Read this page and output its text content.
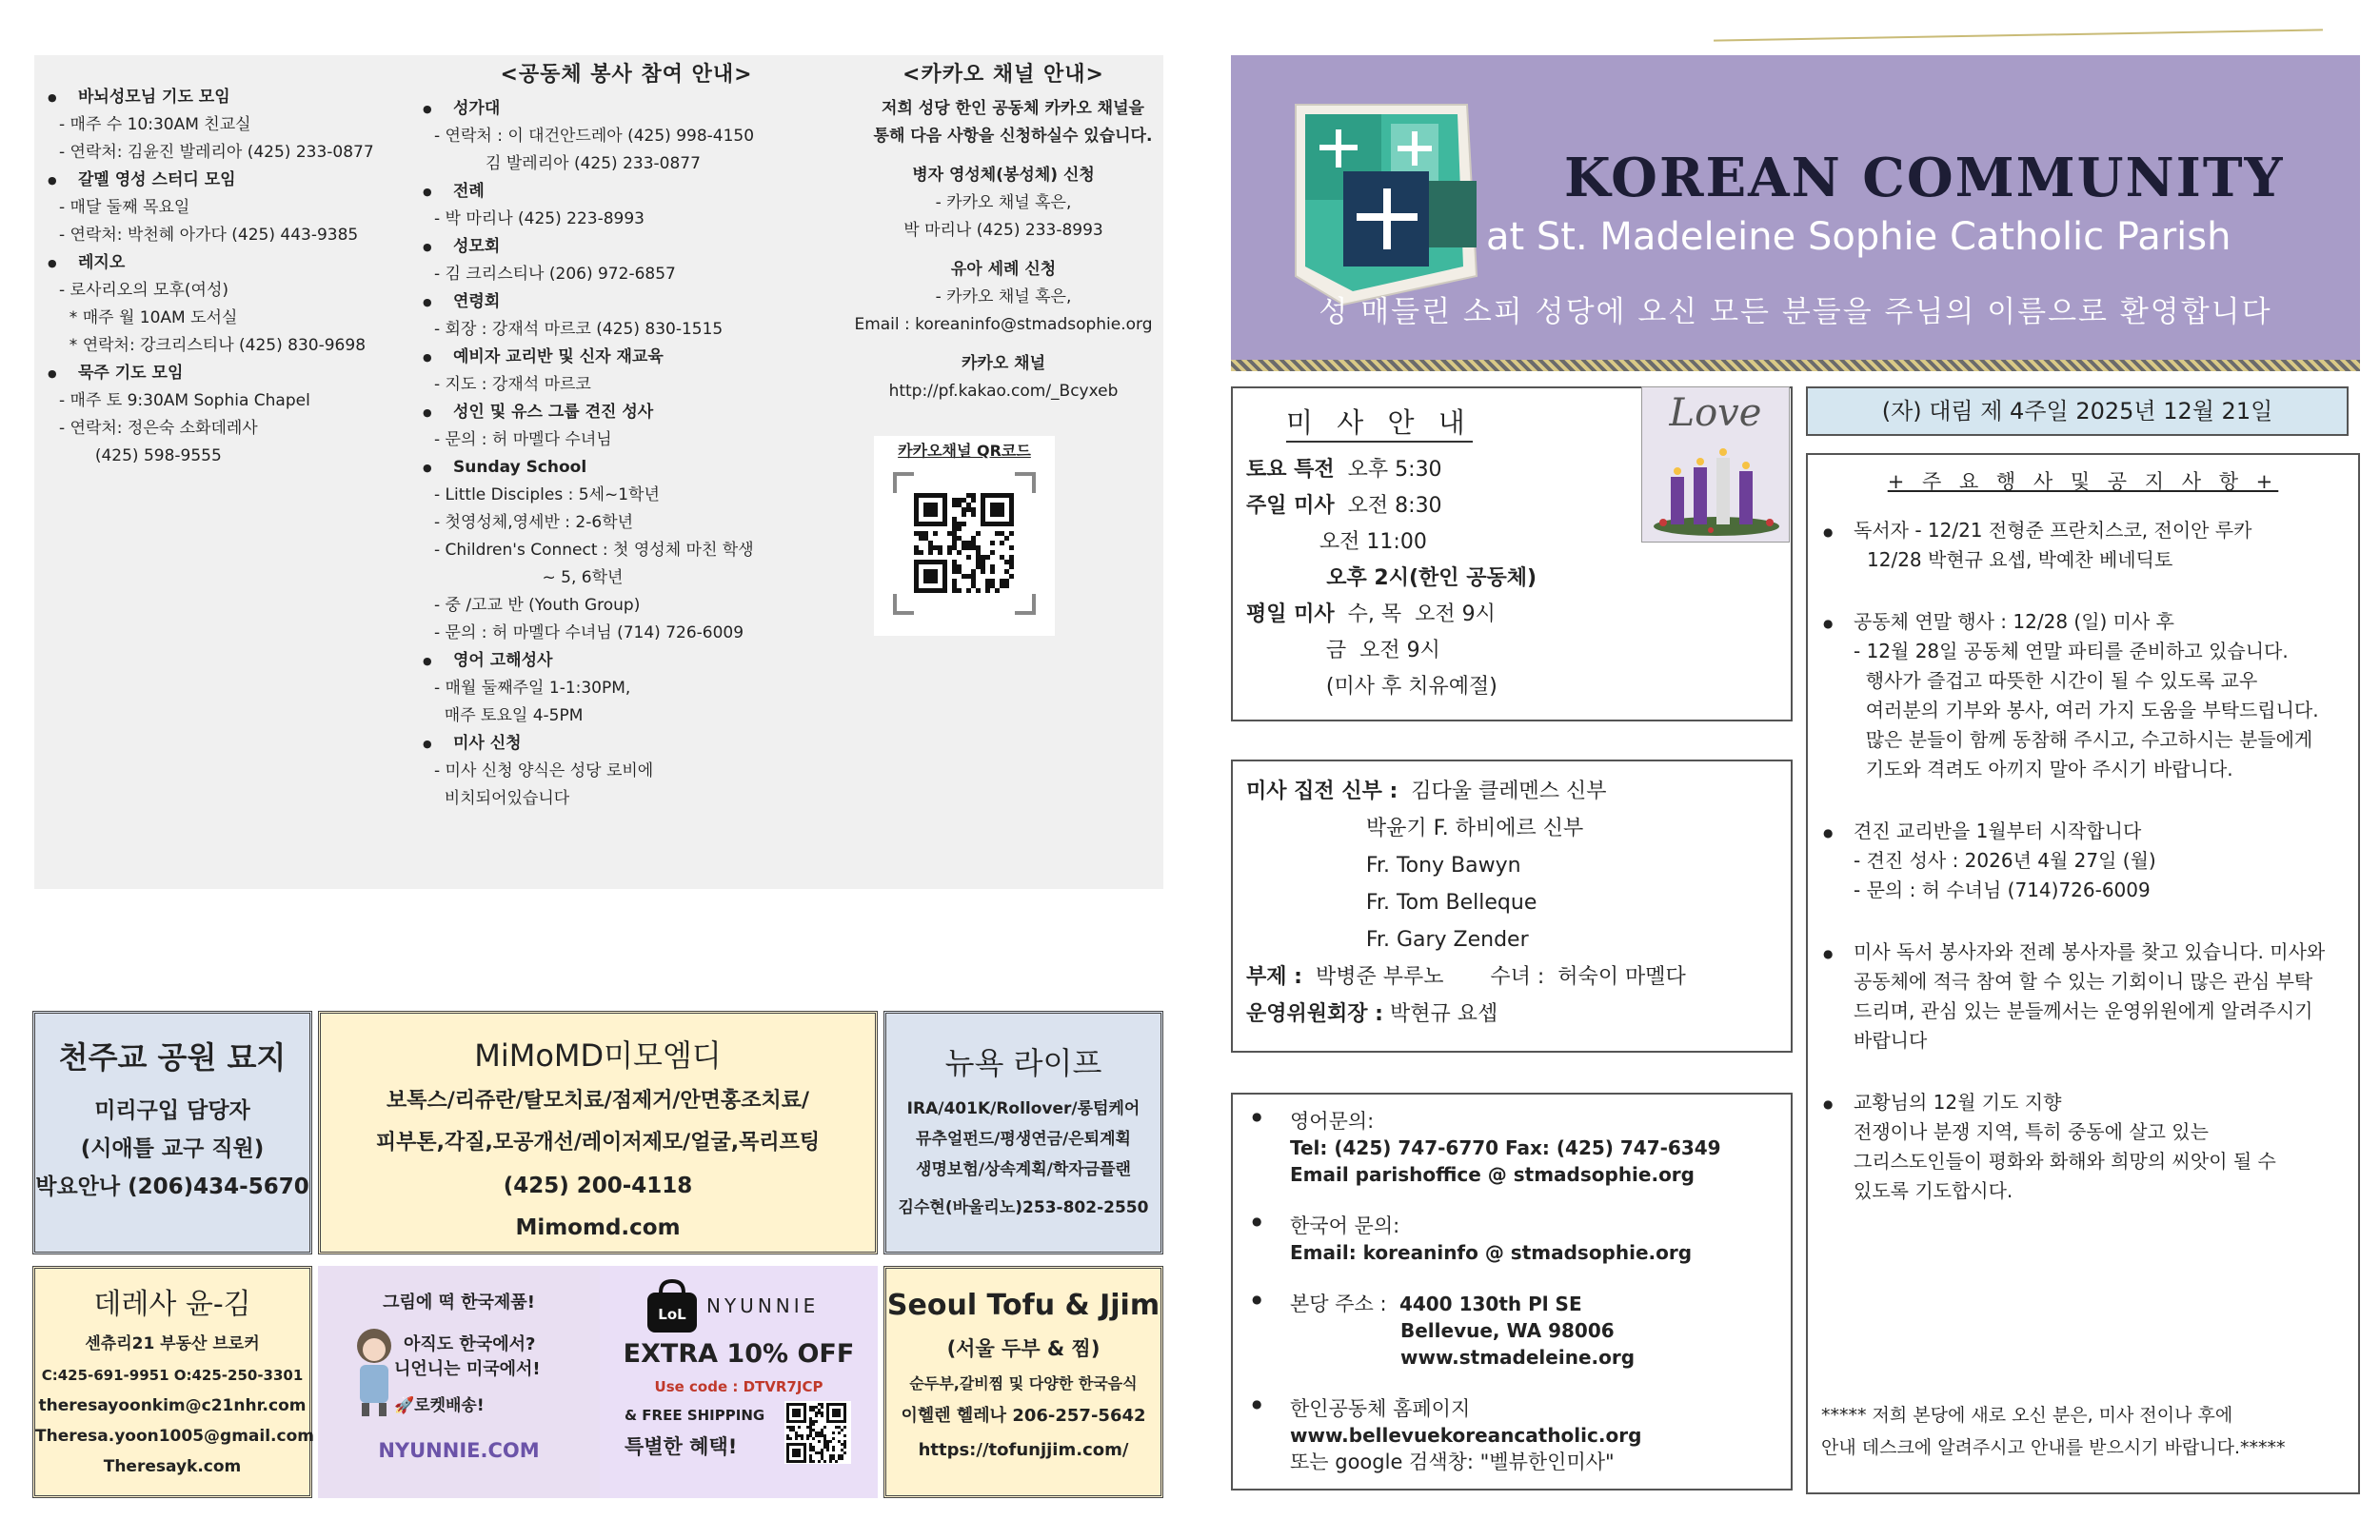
● 바뇌성모님 기도 모임
- 매주 수 10:30AM 친교실
- 연락처: 김윤진 발레리아 (425) 233-0877
● 갈멜 영성 스터디 모임
- 매달 둘째 목요일
- 연락처: 박천혜 아가다 (425) 443-9385
● 레지오
- 로사리오의 모후(여성)
* 매주 월 10AM 도서실
* 연락처: 강크리스티나 (425) 830-9698
● 묵주 기도 모임
- 매주 토 9:30AM Sophia Chapel
- 연락처: 정은숙 소화데레사
(425) 598-9555
<공동체 봉사 참여 안내>
● 성가대
- 연락처 : 이 대건안드레아 (425) 998-4150
김 발레리아 (425) 233-0877
● 전례
- 박 마리나 (425) 223-8993
● 성모회
- 김 크리스티나 (206) 972-6857
● 연령회
- 회장 : 강재석 마르코 (425) 830-1515
● 예비자 교리반 및 신자 재교육
- 지도 : 강재석 마르코
● 성인 및 유스 그룹 견진 성사
- 문의 : 허 마멜다 수녀님
● Sunday School
- Little Disciples : 5세~1학년
- 첫영성체,영세반 : 2-6학년
- Children's Connect : 첫 영성체 마친 학생
~ 5, 6학년
- 중 /고교 반 (Youth Group)
- 문의 : 허 마멜다 수녀님 (714) 726-6009
● 영어 고해성사
- 매월 둘째주일 1-1:30PM,
매주 토요일 4-5PM
● 미사 신청
- 미사 신청 양식은 성당 로비에
비치되어있습니다
<카카오 채널 안내>
저희 성당 한인 공동체 카카오 채널을
통해 다음 사항을 신청하실수 있습니다.
병자 영성체(봉성체) 신청
- 카카오 채널 혹은,
박 마리나 (425) 233-8993
유아 세례 신청
- 카카오 채널 혹은,
Email : koreaninfo@stmadsophie.org
카카오 채널
http://pf.kakao.com/_Bcyxeb
카카오채널 QR코드
천주교 공원 묘지
미리구입 담당자
(시애틀 교구 직원)
박요안나 (206)434-5670
MiMoMD미모엠디
보톡스/리쥬란/탈모치료/점제거/안면홍조치료/
피부톤,각질,모공개선/레이저제모/얼굴,목리프팅
(425) 200-4118
Mimomd.com
뉴욕 라이프
IRA/401K/Rollover/롱텀케어
뮤추얼펀드/평생연금/은퇴계획
생명보험/상속계획/학자금플랜
김수현(바울리노)253-802-2550
데레사 윤-김
센츄리21 부동산 브로커
C:425-691-9951 O:425-250-3301
theresayoonkim@c21nhr.com
Theresa.yoon1005@gmail.com
Theresayk.com
그림에 떡 한국제품!
아직도 한국에서?
니언니는 미국에서!
🚀로켓배송!
NYUNNIE.COM
LoL NYUNNIE
EXTRA 10% OFF
Use code : DTVR7JCP
& FREE SHIPPING
특별한 혜택!
Seoul Tofu & Jjim
(서울 두부 & 찜)
순두부,갈비찜 및 다양한 한국음식
이헬렌 헬레나 206-257-5642
https://tofunjjim.com/
KOREAN COMMUNITY
at St. Madeleine Sophie Catholic Parish
성 매들린 소피 성당에 오신 모든 분들을 주님의 이름으로 환영합니다
미 사 안 내
토요 특전  오후 5:30
주일 미사  오전 8:30
오전 11:00
오후 2시(한인 공동체)
평일 미사  수, 목  오전 9시
금  오전 9시
(미사 후 치유예절)
Love
미사 집전 신부 :  김다울 클레멘스 신부
박윤기 F. 하비에르 신부
Fr. Tony Bawyn
Fr. Tom Belleque
Fr. Gary Zender
부제 :  박병준 부루노       수녀 :  허숙이 마멜다
운영위원회장 : 박현규 요셉
● 영어문의:
Tel: (425) 747-6770 Fax: (425) 747-6349
Email parishoffice @ stmadsophie.org
● 한국어 문의:
Email: koreaninfo @ stmadsophie.org
● 본당 주소 : 4400 130th Pl SE
Bellevue, WA 98006
www.stmadeleine.org
● 한인공동체 홈페이지
www.bellevuekoreancatholic.org
또는 google 검색창: "벨뷰한인미사"
(자) 대림 제 4주일 2025년 12월 21일
+ 주 요 행 사 및 공 지 사 항 +
● 독서자 - 12/21 전형준 프란치스코, 전이안 루카
12/28 박현규 요셉, 박예찬 베네딕토
● 공동체 연말 행사 : 12/28 (일) 미사 후
- 12월 28일 공동체 연말 파티를 준비하고 있습니다.
행사가 즐겁고 따뜻한 시간이 될 수 있도록 교우
여러분의 기부와 봉사, 여러 가지 도움을 부탁드립니다.
많은 분들이 함께 동참해 주시고, 수고하시는 분들에게
기도와 격려도 아끼지 말아 주시기 바랍니다.
● 견진 교리반을 1월부터 시작합니다
- 견진 성사 : 2026년 4월 27일 (월)
- 문의 : 허 수녀님 (714)726-6009
● 미사 독서 봉사자와 전례 봉사자를 찾고 있습니다. 미사와
공동체에 적극 참여 할 수 있는 기회이니 많은 관심 부탁
드리며, 관심 있는 분들께서는 운영위원에게 알려주시기
바랍니다
● 교황님의 12월 기도 지향
전쟁이나 분쟁 지역, 특히 중동에 살고 있는
그리스도인들이 평화와 화해와 희망의 씨앗이 될 수
있도록 기도합시다.
***** 저희 본당에 새로 오신 분은, 미사 전이나 후에
안내 데스크에 알려주시고 안내를 받으시기 바랍니다.*****
